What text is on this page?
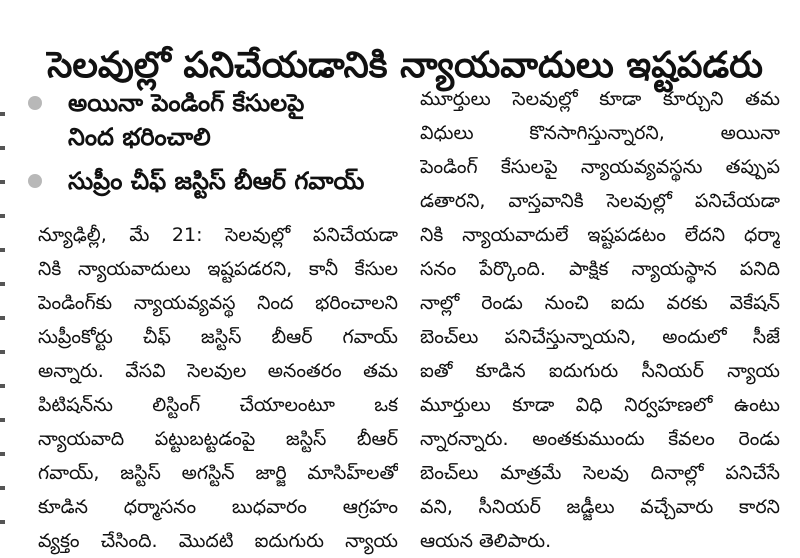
సెలవుల్లో పనిచేయడానికి న్యాయవాదులు ఇష్టపడరు
అయినా పెండింగ్ కేసులపై
నింద భరించాలి
సుప్రీం చీఫ్ జస్టిస్ బీఆర్ గవాయ్
న్యూఢిల్లీ, మే 21: సెలవుల్లో పనిచేయడా
నికి న్యాయవాదులు ఇష్టపడరని, కానీ కేసుల
పెండింగ్‌కు న్యాయవ్యవస్థ నింద భరించాలని
సుప్రీంకోర్టు చీఫ్ జస్టిస్ బీఆర్ గవాయ్
అన్నారు. వేసవి సెలవుల అనంతరం తమ
పిటిషన్‌ను లిస్టింగ్ చేయాలంటూ ఒక
న్యాయవాది పట్టుబట్టడంపై జస్టిస్ బీఆర్
గవాయ్, జస్టిస్ అగస్టిన్ జార్జి మాసిహ్‌లతో
కూడిన ధర్మాసనం బుధవారం ఆగ్రహం
వ్యక్తం చేసింది. మొదటి ఐదుగురు న్యాయ
మూర్తులు సెలవుల్లో కూడా కూర్చుని తమ
విధులు కొనసాగిస్తున్నారని, అయినా
పెండింగ్ కేసులపై న్యాయవ్యవస్థను తప్పుప
డతారని, వాస్తవానికి సెలవుల్లో పనిచేయడా
నికి న్యాయవాదులే ఇష్టపడటం లేదని ధర్మా
సనం పేర్కొంది. పాక్షిక న్యాయస్థాన పనిది
నాల్లో రెండు నుంచి ఐదు వరకు వెకేషన్
బెంచ్‌లు పనిచేస్తున్నాయని, అందులో సీజే
ఐతో కూడిన ఐదుగురు సీనియర్ న్యాయ
మూర్తులు కూడా విధి నిర్వహణలో ఉంటు
న్నారన్నారు. అంతకుముందు కేవలం రెండు
బెంచ్‌లు మాత్రమే సెలవు దినాల్లో పనిచేసే
వని, సీనియర్ జడ్జీలు వచ్చేవారు కారని
ఆయన తెలిపారు.
